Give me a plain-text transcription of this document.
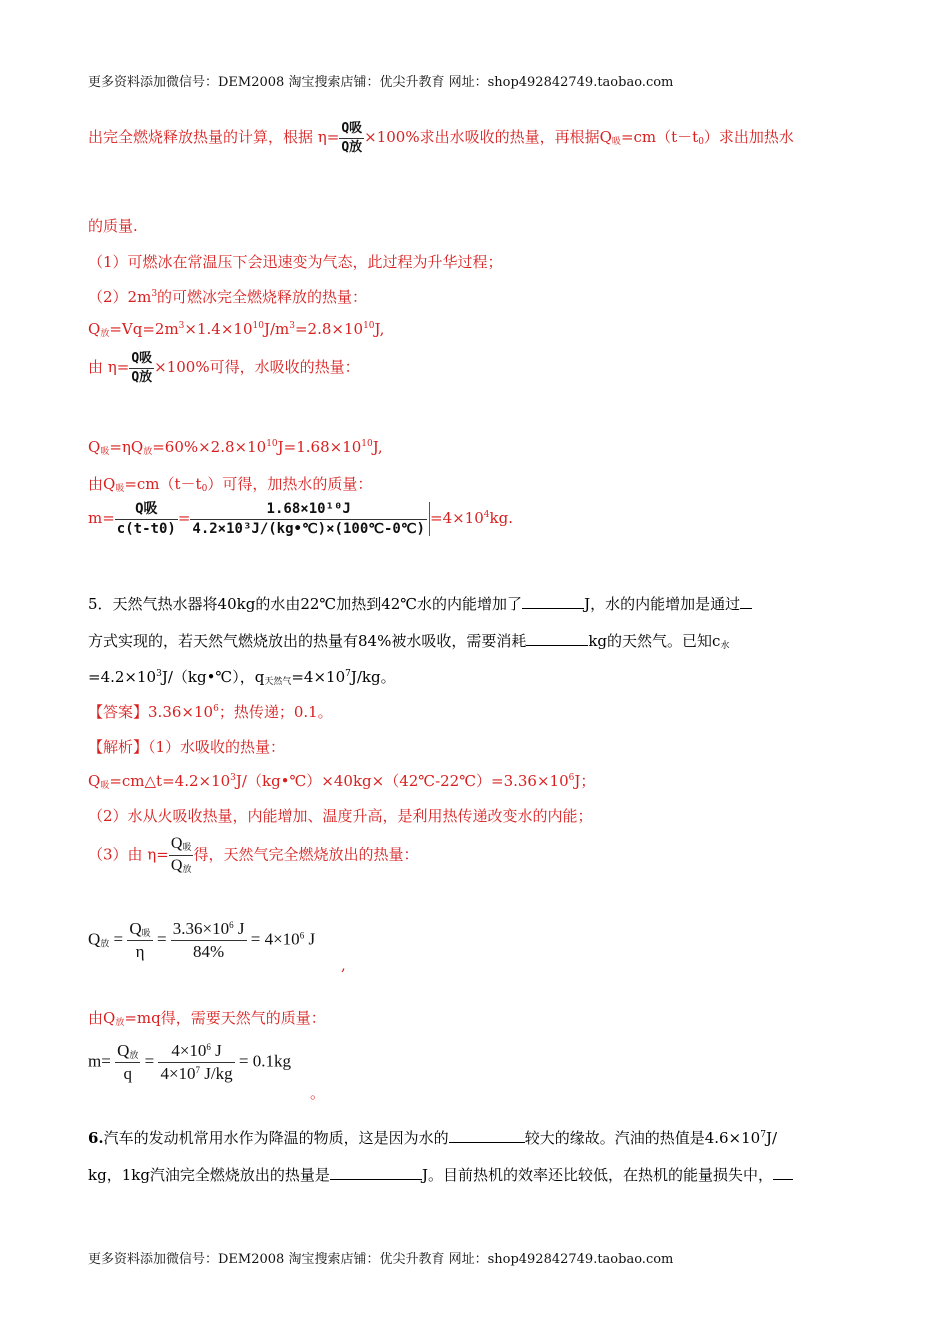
更多资料添加微信号：DEM2008 淘宝搜索店铺：优尖升教育 网址：shop492842749.taobao.com
出完全燃烧释放热量的计算，根据 $\eta= \frac{\text{Q吸}}{\text{Q放}} \times 100\%$求出水吸收的热量，再根据$Q_吸=cm(t-t_0)$求出加热水
的质量.
（1）可燃冰在常温压下会迅速变为气态，此过程为升华过程；
$(2)2m^3$的可燃冰完全燃烧释放的热量：
$Q_放=Vq=2m^3\times 1.4\times 10^{10}J/m^3=2.8\times 10^{10}J$,
由 $\eta= \frac{\text{Q吸}}{\text{Q放}} \times 100\%$可得，水吸收的热量：
$Q_吸=\eta Q_放=60\%\times 2.8\times 10^{10}J=1.68\times 10^{10}J$,
由$Q_吸=cm(t-t_0)$可得，加热水的质量：
$m= \frac{\text{Q吸}}{c(t-t0)} = \frac{\text{1.68×10¹⁰J}}{\text{4.2×10³J/(kg•℃)×(100℃-0℃)}} =4\times 10^4kg$.
5．天然气热水器将40kg的水由22℃加热到42℃水的内能增加了	J，水的内能增加是通过
方式实现的，若天然气燃烧放出的热量有84%被水吸收，需要消耗	kg的天然气。已知$c_水$
$=4.2\times 10^3J/(kg•℃)$，$q_{天然气}=4\times 10^7J/kg$。
【答案】$3.36\times 10^6$；热传递；0.1。
【解析】（1）水吸收的热量：
$Q_吸=cm\triangle t=4.2\times 10^3J/(kg•℃)\times 40kg\times(42℃-22℃)=3.36\times 10^6J$；
（2）水从火吸收热量，内能增加、温度升高，是利用热传递改变水的内能；
（3）由 $\eta= \frac{Q_吸}{Q_放}$ 得，天然气完全燃烧放出的热量：
$Q_放 = \frac{Q_吸}{\eta} = \frac{3.36\times 10^6 J}{84\%} = 4\times 10^6$ J
,
由$Q_放=mq$得，需要天然气的质量：
$m= \frac{Q_放}{q} = \frac{4\times 10^6 J}{4\times 10^7 J/kg} = 0.1kg$
。
6.汽车的发动机常用水作为降温的物质，这是因为水的	较大的缘故。汽油的热值是$4.6\times 10^7J/$
kg，1kg汽油完全燃烧放出的热量是	J。目前热机的效率还比较低，在热机的能量损失中，
更多资料添加微信号：DEM2008 淘宝搜索店铺：优尖升教育 网址：shop492842749.taobao.com
